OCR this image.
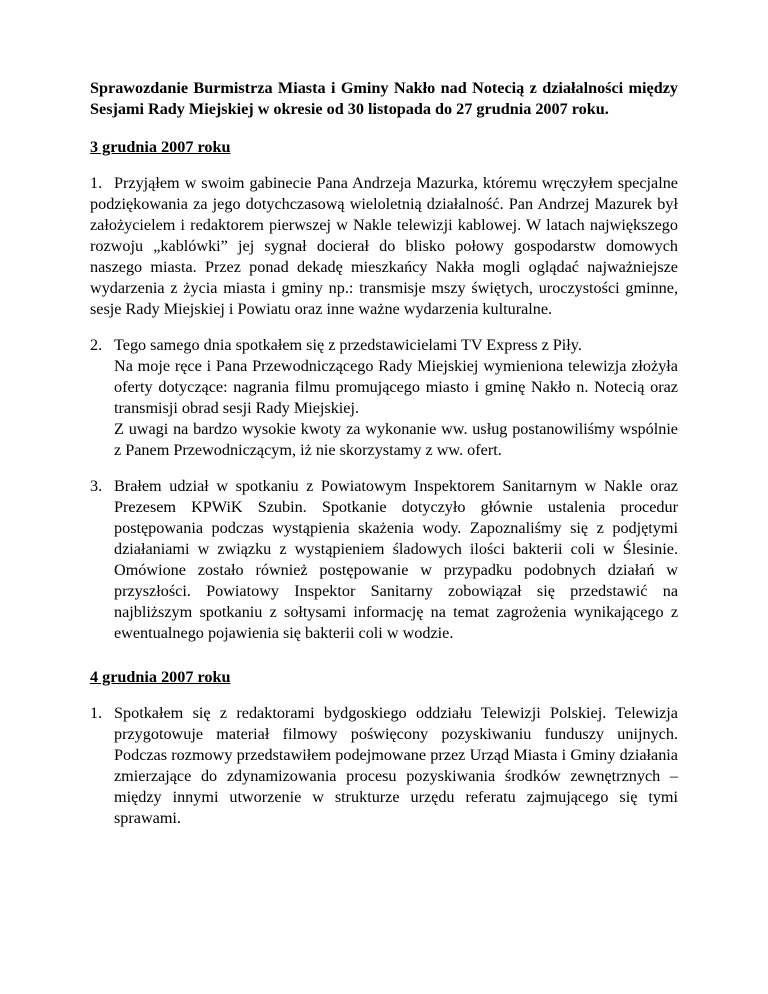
Sprawozdanie Burmistrza Miasta i Gminy Nakło nad Notecią z działalności między Sesjami Rady Miejskiej w okresie od 30 listopada do 27 grudnia 2007 roku.

3 grudnia 2007 roku

1. Przyjąłem w swoim gabinecie Pana Andrzeja Mazurka, któremu wręczyłem specjalne podziękowania za jego dotychczasową wieloletnią działalność. Pan Andrzej Mazurek był założycielem i redaktorem pierwszej w Nakle telewizji kablowej. W latach największego rozwoju „kablówki” jej sygnał docierał do blisko połowy gospodarstw domowych naszego miasta. Przez ponad dekadę mieszkańcy Nakła mogli oglądać najważniejsze wydarzenia z życia miasta i gminy np.: transmisje mszy świętych, uroczystości gminne, sesje Rady Miejskiej i Powiatu oraz inne ważne wydarzenia kulturalne.

2. Tego samego dnia spotkałem się z przedstawicielami TV Express z Piły.

Na moje ręce i Pana Przewodniczącego Rady Miejskiej wymieniona telewizja złożyła oferty dotyczące: nagrania filmu promującego miasto i gminę Nakło n. Notecią oraz transmisji obrad sesji Rady Miejskiej.

Z uwagi na bardzo wysokie kwoty za wykonanie ww. usług postanowiliśmy wspólnie z Panem Przewodniczącym, iż nie skorzystamy z ww. ofert.

3. Brałem udział w spotkaniu z Powiatowym Inspektorem Sanitarnym w Nakle oraz Prezesem KPWiK Szubin. Spotkanie dotyczyło głównie ustalenia procedur postępowania podczas wystąpienia skażenia wody. Zapoznaliśmy się z podjętymi działaniami w związku z wystąpieniem śladowych ilości bakterii coli w Ślesinie. Omówione zostało również postępowanie w przypadku podobnych działań w przyszłości. Powiatowy Inspektor Sanitarny zobowiązał się przedstawić na najbliższym spotkaniu z sołtysami informację na temat zagrożenia wynikającego z ewentualnego pojawienia się bakterii coli w wodzie.

4 grudnia 2007 roku

1. Spotkałem się z redaktorami bydgoskiego oddziału Telewizji Polskiej. Telewizja przygotowuje materiał filmowy poświęcony pozyskiwaniu funduszy unijnych. Podczas rozmowy przedstawiłem podejmowane przez Urząd Miasta i Gminy działania zmierzające do zdynamizowania procesu pozyskiwania środków zewnętrznych – między innymi utworzenie w strukturze urzędu referatu zajmującego się tymi sprawami.
